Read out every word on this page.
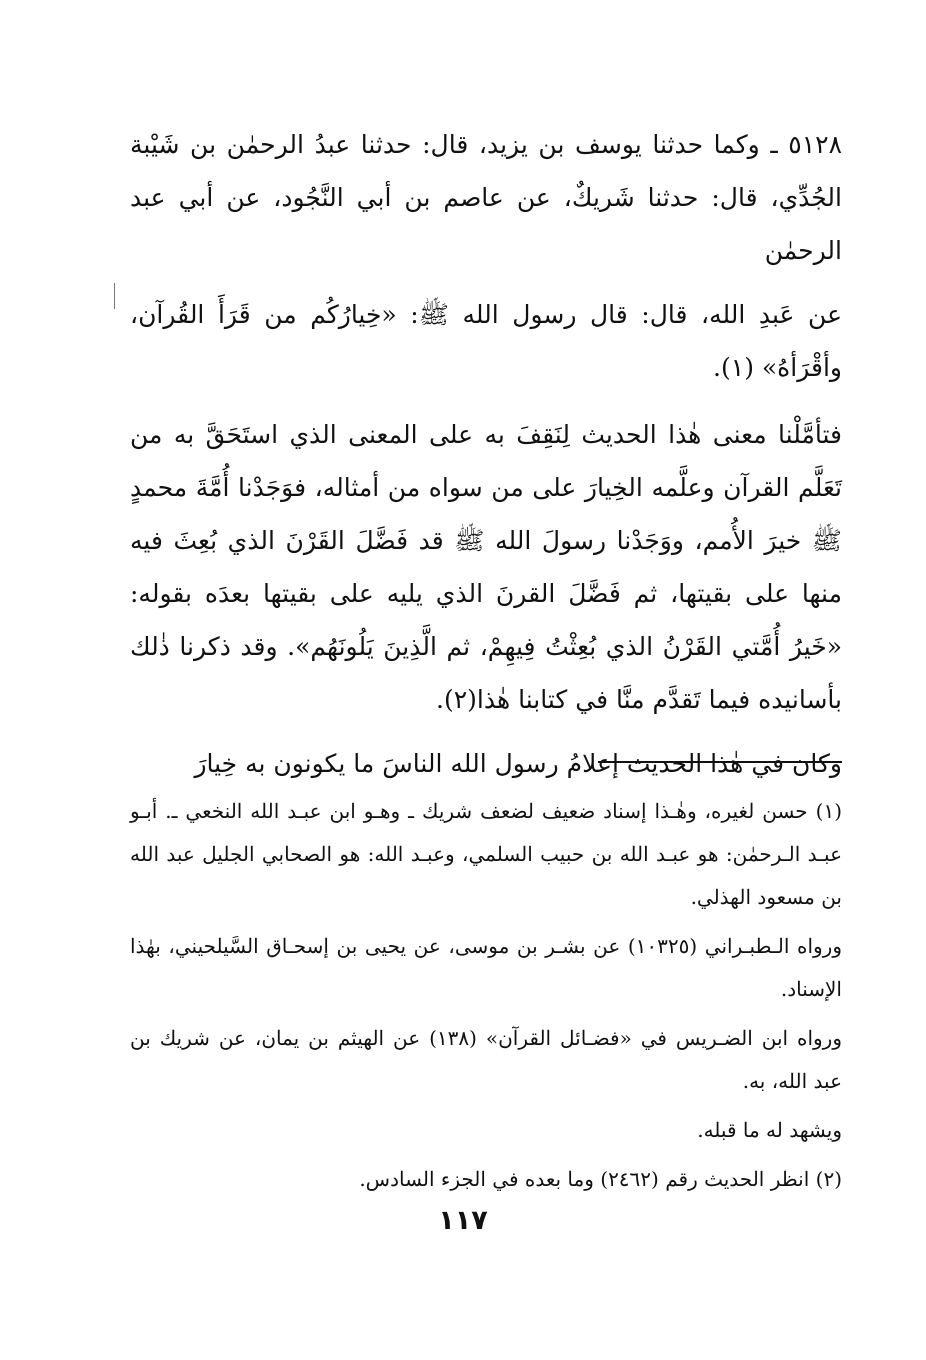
٥١٢٨ ـ وكما حدثنا يوسف بن يزيد، قال: حدثنا عبدُ الرحمٰن بن شَيْبة الجُدِّي، قال: حدثنا شَريكٌ، عن عاصم بن أبي النَّجُود، عن أبي عبد الرحمٰن

عن عَبدِ الله، قال: قال رسول الله ﷺ: «خِيارُكُم من قَرَأَ القُرآن، وأقْرَأهُ» (١).

فتأمَّلْنا معنى هٰذا الحديث لِنَقِفَ به على المعنى الذي استَحَقَّ به من تَعَلَّم القرآن وعلَّمه الخِيارَ على من سواه من أمثاله، فوَجَدْنا أُمَّةَ محمدٍ ﷺ خيرَ الأُمم، ووَجَدْنا رسولَ الله ﷺ قد فَضَّلَ القَرْنَ الذي بُعِثَ فيه منها على بقيتها، ثم فَضَّلَ القرنَ الذي يليه على بقيتها بعدَه بقوله: «خَيرُ أُمَّتي القَرْنُ الذي بُعِثْتُ فِيهِمْ، ثم الَّذِينَ يَلُونَهُم». وقد ذكرنا ذٰلك بأسانيده فيما تَقدَّم منَّا في كتابنا هٰذا(٢).

وكان في هٰذا الحديث إعلامُ رسول الله الناسَ ما يكونون به خِيارَ

(١) حسن لغيره، وهٰـذا إسناد ضعيف لضعف شريك ـ وهـو ابن عبـد الله النخعي ـ. أبـو عبـد الـرحمٰن: هو عبـد الله بن حبيب السلمي، وعبـد الله: هو الصحابي الجليل عبد الله بن مسعود الهذلي.

ورواه الـطبـراني (١٠٣٢٥) عن بشـر بن موسى، عن يحيى بن إسحـاق السَّيلحيني، بهٰذا الإسناد.

ورواه ابن الضـريس في «فضـائل القرآن» (١٣٨) عن الهيثم بن يمان، عن شريك بن عبد الله، به.

ويشهد له ما قبله.

(٢) انظر الحديث رقم (٢٤٦٢) وما بعده في الجزء السادس.

١١٧
